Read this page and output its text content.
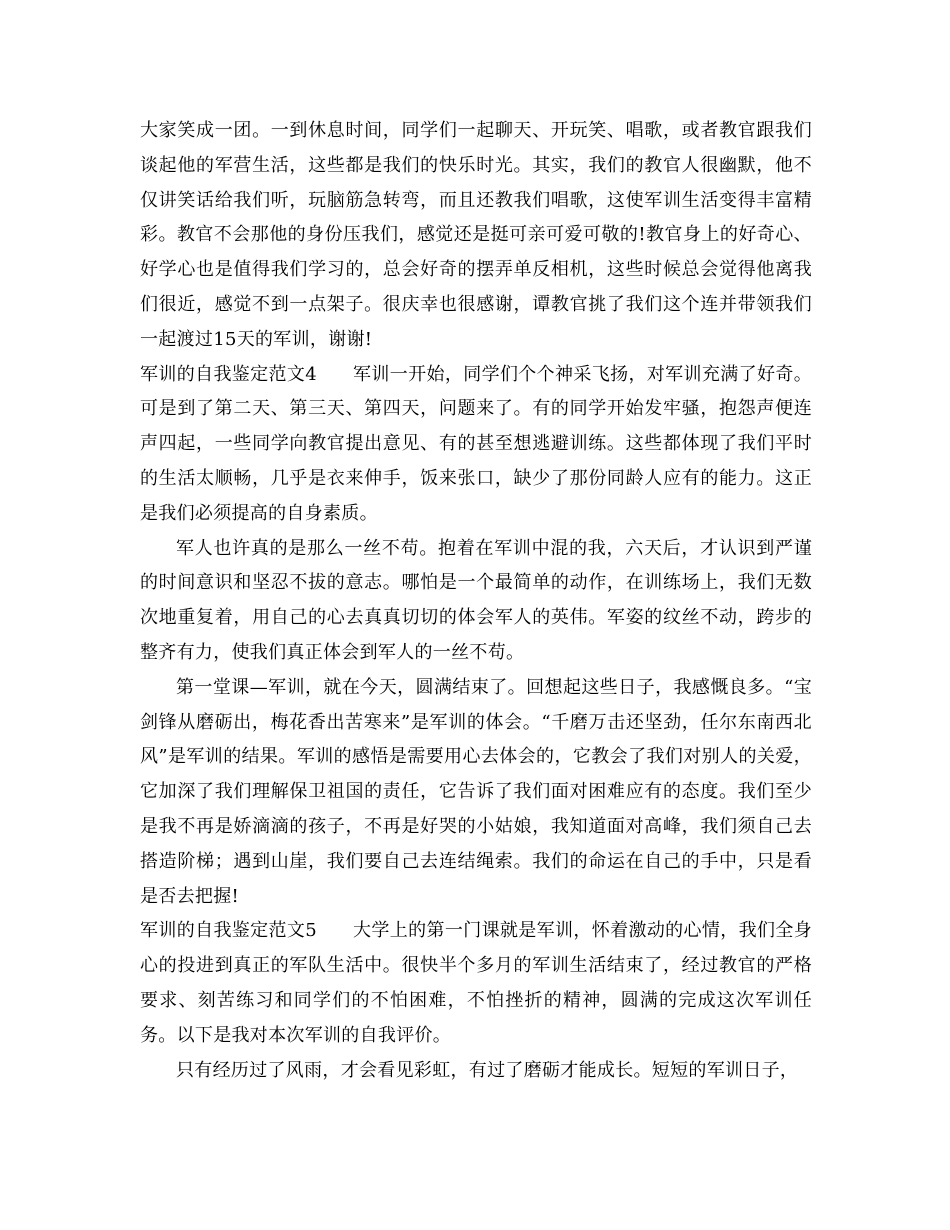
大家笑成一团。一到休息时间，同学们一起聊天、开玩笑、唱歌，或者教官跟我们谈起他的军营生活，这些都是我们的快乐时光。其实，我们的教官人很幽默，他不仅讲笑话给我们听，玩脑筋急转弯，而且还教我们唱歌，这使军训生活变得丰富精彩。教官不会那他的身份压我们，感觉还是挺可亲可爱可敬的!教官身上的好奇心、好学心也是值得我们学习的，总会好奇的摆弄单反相机，这些时候总会觉得他离我们很近，感觉不到一点架子。很庆幸也很感谢，谭教官挑了我们这个连并带领我们一起渡过15天的军训，谢谢!

军训的自我鉴定范文4 军训一开始，同学们个个神采飞扬，对军训充满了好奇。可是到了第二天、第三天、第四天，问题来了。有的同学开始发牢骚，抱怨声便连声四起，一些同学向教官提出意见、有的甚至想逃避训练。这些都体现了我们平时的生活太顺畅，几乎是衣来伸手，饭来张口，缺少了那份同龄人应有的能力。这正是我们必须提高的自身素质。

军人也许真的是那么一丝不苟。抱着在军训中混的我，六天后，才认识到严谨的时间意识和坚忍不拔的意志。哪怕是一个最简单的动作，在训练场上，我们无数次地重复着，用自己的心去真真切切的体会军人的英伟。军姿的纹丝不动，跨步的整齐有力，使我们真正体会到军人的一丝不苟。

第一堂课—军训，就在今天，圆满结束了。回想起这些日子，我感慨良多。“宝剑锋从磨砺出，梅花香出苦寒来”是军训的体会。“千磨万击还坚劲，任尔东南西北风”是军训的结果。军训的感悟是需要用心去体会的，它教会了我们对别人的关爱，它加深了我们理解保卫祖国的责任，它告诉了我们面对困难应有的态度。我们至少是我不再是娇滴滴的孩子，不再是好哭的小姑娘，我知道面对高峰，我们须自己去搭造阶梯；遇到山崖，我们要自己去连结绳索。我们的命运在自己的手中，只是看是否去把握!

军训的自我鉴定范文5 大学上的第一门课就是军训，怀着激动的心情，我们全身心的投进到真正的军队生活中。很快半个多月的军训生活结束了，经过教官的严格要求、刻苦练习和同学们的不怕困难，不怕挫折的精神，圆满的完成这次军训任务。以下是我对本次军训的自我评价。

只有经历过了风雨，才会看见彩虹，有过了磨砺才能成长。短短的军训日子，
